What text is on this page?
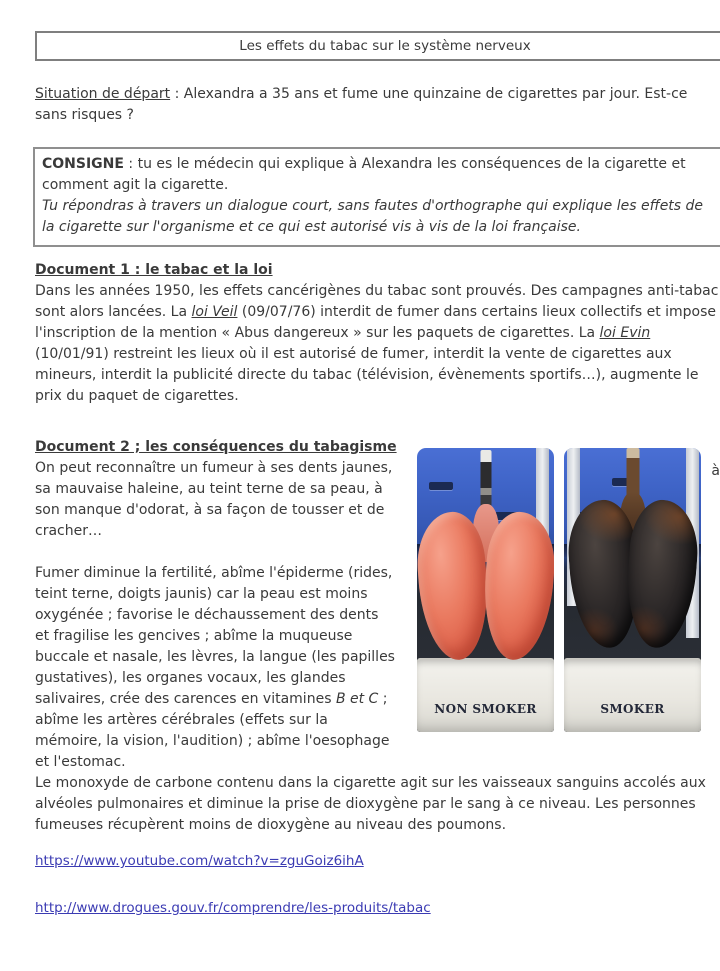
Les effets du tabac sur le système nerveux

Situation de départ : Alexandra a 35 ans et fume une quinzaine de cigarettes par jour. Est-ce
sans risques ?

CONSIGNE : tu es le médecin qui explique à Alexandra les conséquences de la cigarette et
comment agit la cigarette.

Tu répondras à travers un dialogue court, sans fautes d'orthographe qui explique les effets de
la cigarette sur l'organisme et ce qui est autorisé vis à vis de la loi française.

Document 1 : le tabac et la loi

Dans les années 1950, les effets cancérigènes du tabac sont prouvés. Des campagnes anti-tabac sont alors lancées. La loi Veil (09/07/76) interdit de fumer dans certains lieux collectifs et impose l'inscription de la mention « Abus dangereux » sur les paquets de cigarettes. La loi Evin (10/01/91) restreint les lieux où il est autorisé de fumer, interdit la vente de cigarettes aux mineurs, interdit la publicité directe du tabac (télévision, évènements sportifs…), augmente le prix du paquet de cigarettes.

Document 2 ; les conséquences du tabagisme
à
NON SMOKER	SMOKER

On peut reconnaître un fumeur à ses dents jaunes,
sa mauvaise haleine, au teint terne de sa peau, à son manque d'odorat, à sa façon de tousser et de cracher…

Fumer diminue la fertilité, abîme l'épiderme (rides, teint terne, doigts jaunis) car la peau est moins oxygénée ; favorise le déchaussement des dents et fragilise les gencives ; abîme la muqueuse buccale et nasale, les lèvres, la langue (les papilles gustatives), les organes vocaux, les glandes salivaires, crée des carences en vitamines B et C ; abîme les artères cérébrales (effets sur la mémoire, la vision, l'audition) ; abîme l'oesophage et l'estomac.

Le monoxyde de carbone contenu dans la cigarette agit sur les vaisseaux sanguins accolés aux alvéoles pulmonaires et diminue la prise de dioxygène par le sang à ce niveau. Les personnes fumeuses récupèrent moins de dioxygène au niveau des poumons.

https://www.youtube.com/watch?v=zguGoiz6ihA
http://www.drogues.gouv.fr/comprendre/les-produits/tabac
